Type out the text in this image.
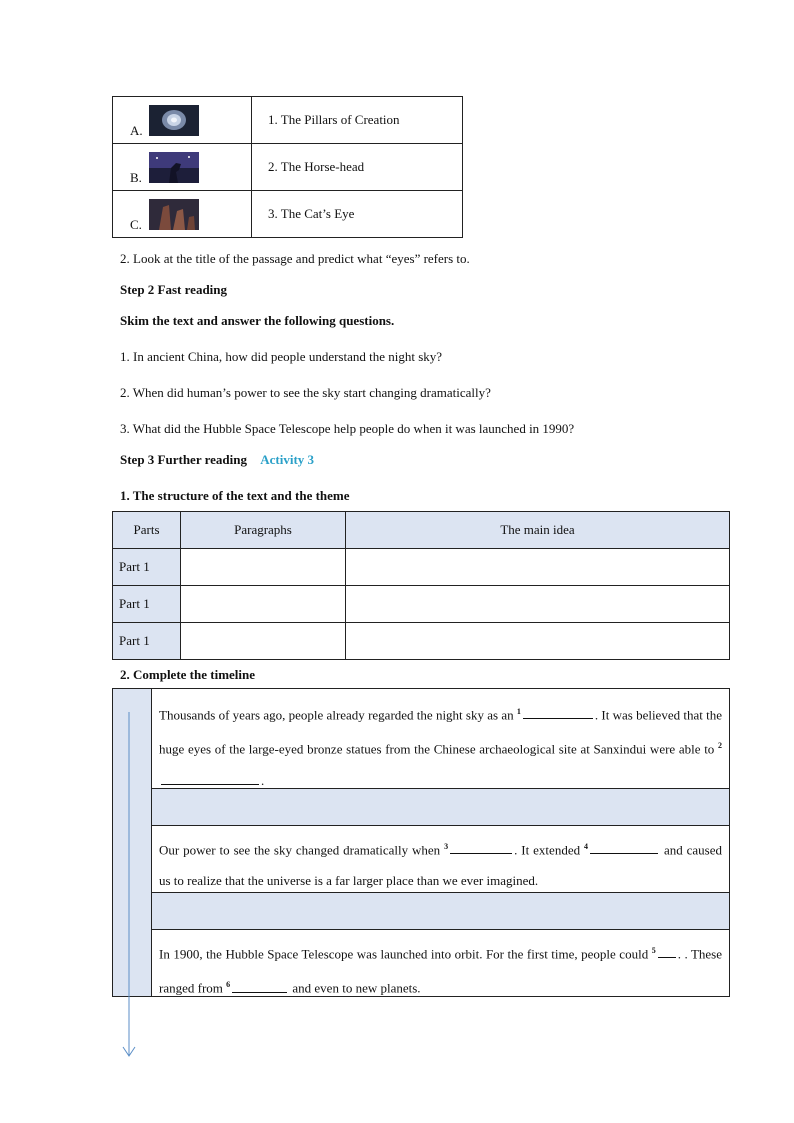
A.	1. The Pillars of Creation

B.	2. The Horse-head

C.	3. The Cat’s Eye
2. Look at the title of the passage and predict what “eyes” refers to.
Step 2 Fast reading
Skim the text and answer the following questions.
1. In ancient China, how did people understand the night sky?
2. When did human’s power to see the sky start changing dramatically?
3. What did the Hubble Space Telescope help people do when it was launched in 1990?
Step 3 Further reading Activity 3
1. The structure of the text and the theme
Parts	Paragraphs	The main idea
Part 1		
Part 1		
Part 1		
2. Complete the timeline
Thousands of years ago, people already regarded the night sky as an $^1$	. It was believed that the huge eyes of the large-eyed bronze statues from the Chinese archaeological site at Sanxindui were able to $^2$.
Our power to see the sky changed dramatically when $^3$	. It extended $^4$	and caused us to realize that the universe is a far larger place than we ever imagined.
In 1900, the Hubble Space Telescope was launched into orbit. For the first time, people could $^5$ . . These ranged from $^6$	and even to new planets.
